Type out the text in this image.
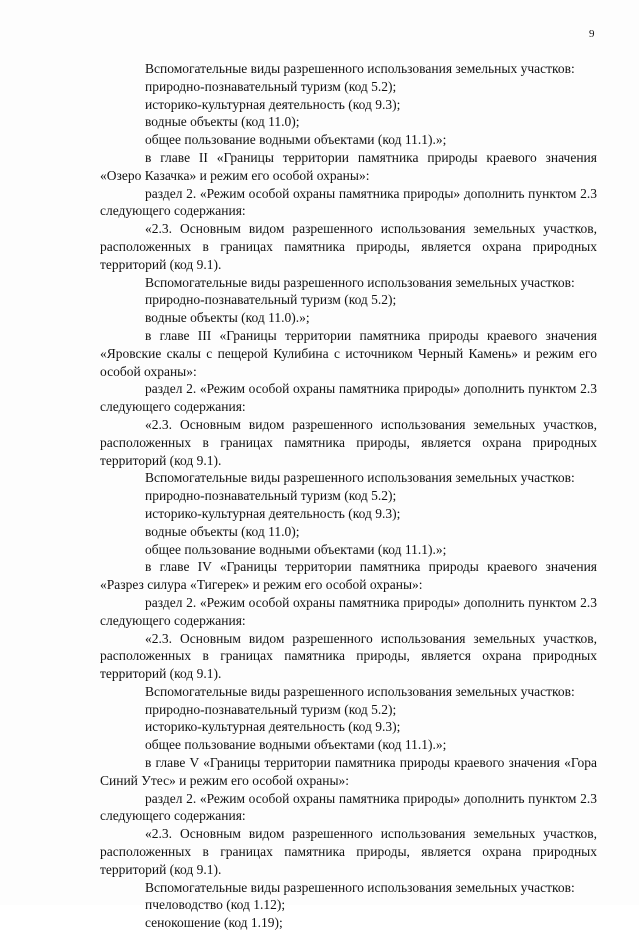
9

Вспомогательные виды разрешенного использования земельных участков:

природно-познавательный туризм (код 5.2);

историко-культурная деятельность (код 9.3);

водные объекты (код 11.0);

общее пользование водными объектами (код 11.1).»;

в главе II «Границы территории памятника природы краевого значения «Озеро Казачка» и режим его особой охраны»:

раздел 2. «Режим особой охраны памятника природы» дополнить пунктом 2.3 следующего содержания:

«2.3. Основным видом разрешенного использования земельных участков, расположенных в границах памятника природы, является охрана природных территорий (код 9.1).

Вспомогательные виды разрешенного использования земельных участков:

природно-познавательный туризм (код 5.2);

водные объекты (код 11.0).»;

в главе III «Границы территории памятника природы краевого значения «Яровские скалы с пещерой Кулибина с источником Черный Камень» и режим его особой охраны»:

раздел 2. «Режим особой охраны памятника природы» дополнить пунктом 2.3 следующего содержания:

«2.3. Основным видом разрешенного использования земельных участков, расположенных в границах памятника природы, является охрана природных территорий (код 9.1).

Вспомогательные виды разрешенного использования земельных участков:

природно-познавательный туризм (код 5.2);

историко-культурная деятельность (код 9.3);

водные объекты (код 11.0);

общее пользование водными объектами (код 11.1).»;

в главе IV «Границы территории памятника природы краевого значения «Разрез силура «Тигерек» и режим его особой охраны»:

раздел 2. «Режим особой охраны памятника природы» дополнить пунктом 2.3 следующего содержания:

«2.3. Основным видом разрешенного использования земельных участков, расположенных в границах памятника природы, является охрана природных территорий (код 9.1).

Вспомогательные виды разрешенного использования земельных участков:

природно-познавательный туризм (код 5.2);

историко-культурная деятельность (код 9.3);

общее пользование водными объектами (код 11.1).»;

в главе V «Границы территории памятника природы краевого значения «Гора Синий Утес» и режим его особой охраны»:

раздел 2. «Режим особой охраны памятника природы» дополнить пунктом 2.3 следующего содержания:

«2.3. Основным видом разрешенного использования земельных участков, расположенных в границах памятника природы, является охрана природных территорий (код 9.1).

Вспомогательные виды разрешенного использования земельных участков:

пчеловодство (код 1.12);

сенокошение (код 1.19);
